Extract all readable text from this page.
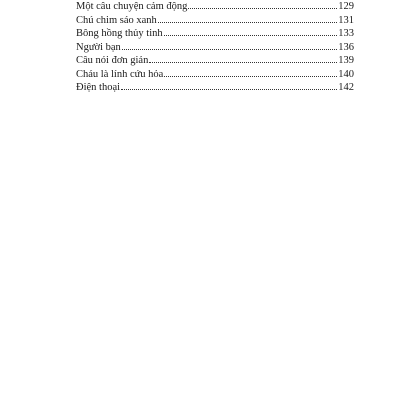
Một câu chuyện cảm động	129
Chú chim sáo xanh	131
Bông hồng thủy tinh	133
Người bạn	136
Câu nói đơn giản	139
Cháu là lính cứu hỏa	140
Điện thoại	142
